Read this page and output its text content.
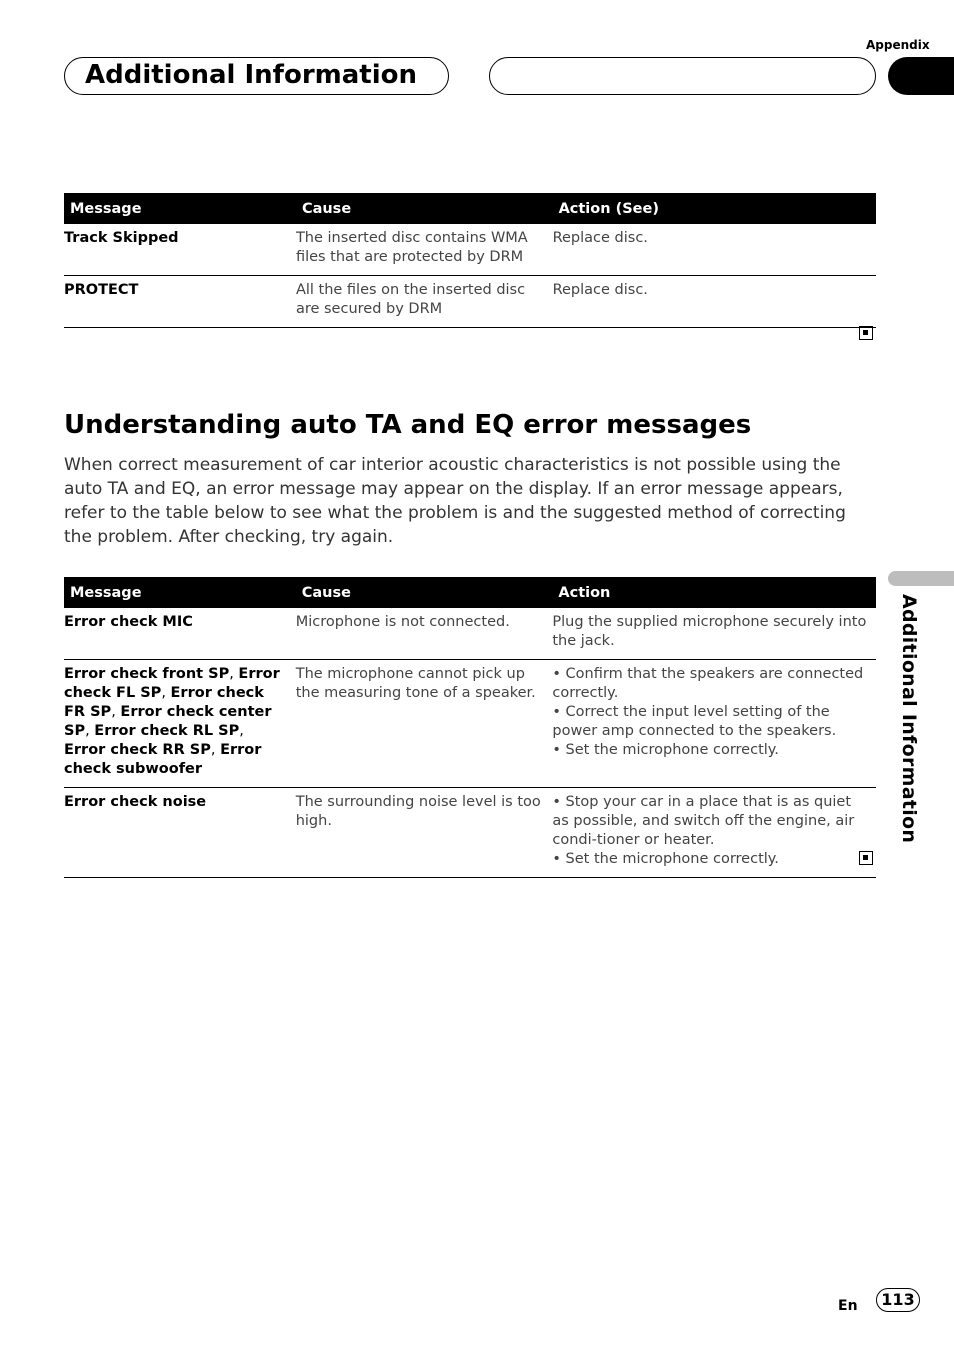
Appendix
Additional Information
Additional Information
Message	Cause	Action (See)
Track Skipped	The inserted disc contains WMA files that are protected by DRM	Replace disc.
PROTECT	All the files on the inserted disc are secured by DRM	Replace disc.
Understanding auto TA and EQ error messages

When correct measurement of car interior acoustic characteristics is not possible using the auto TA and EQ, an error message may appear on the display. If an error message appears, refer to the table below to see what the problem is and the suggested method of correcting the problem. After checking, try again.

Message	Cause	Action
Error check MIC	Microphone is not connected.	Plug the supplied microphone securely into the jack.

Error check front SP, Error check FL SP, Error check FR SP, Error check center SP, Error check RL SP, Error check RR SP, Error check subwoofer	The microphone cannot pick up the measuring tone of a speaker.	• Confirm that the speakers are connected correctly.
• Correct the input level setting of the power amp connected to the speakers.
• Set the microphone correctly.

Error check noise	The surrounding noise level is too high.	• Stop your car in a place that is as quiet as possible, and switch off the engine, air condi-tioner or heater.
• Set the microphone correctly.
En	113
